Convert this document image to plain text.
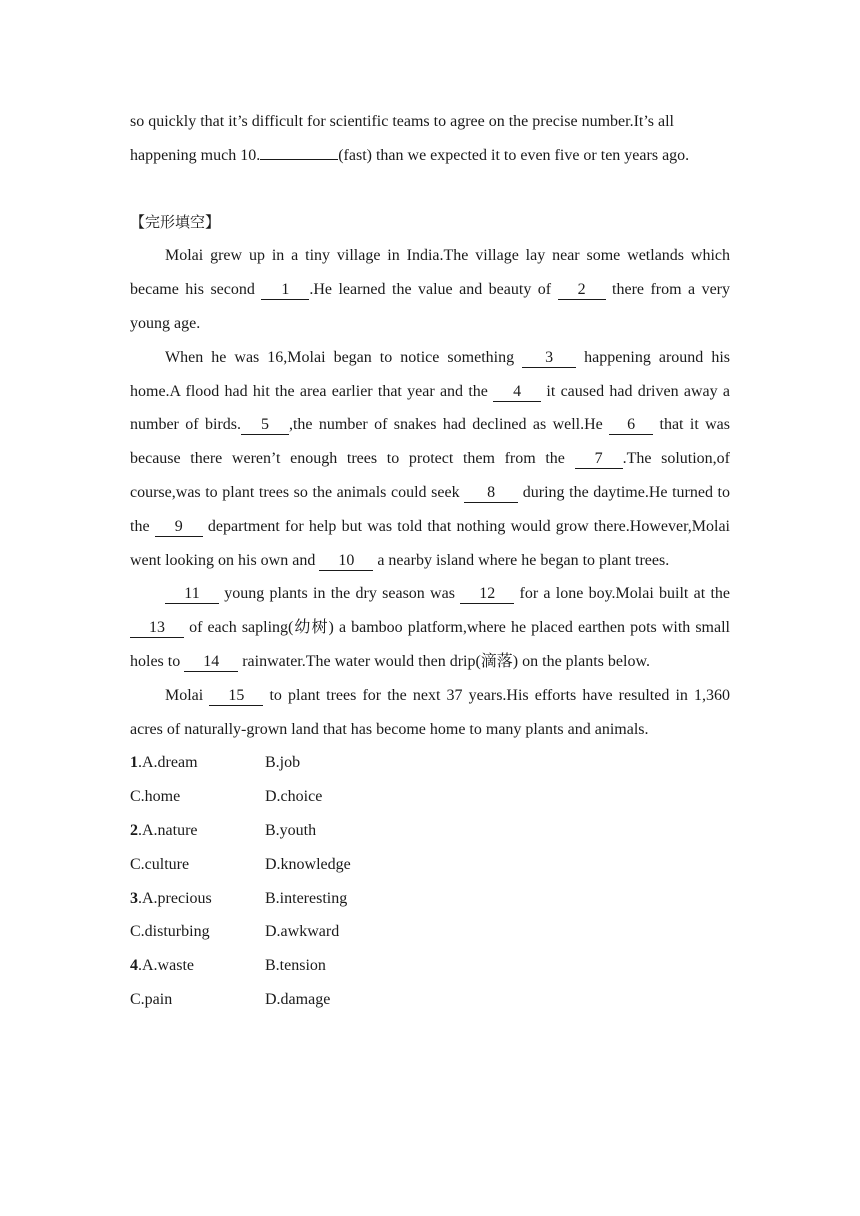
so quickly that it’s difficult for scientific teams to agree on the precise number.It’s all
happening much 10.	(fast) than we expected it to even five or ten years ago.

【完形填空】

Molai grew up in a tiny village in India.The village lay near some wetlands which became his second 1 .He learned the value and beauty of 2 there from a very young age.

When he was 16,Molai began to notice something 3 happening around his home.A flood had hit the area earlier that year and the 4 it caused had driven away a number of birds. 5 ,the number of snakes had declined as well.He 6 that it was because there weren’t enough trees to protect them from the 7 .The solution,of course,was to plant trees so the animals could seek 8 during the daytime.He turned to the 9 department for help but was told that nothing would grow there.However,Molai went looking on his own and 10 a nearby island where he began to plant trees.

11 young plants in the dry season was 12 for a lone boy.Molai built at the 13 of each sapling(幼树) a bamboo platform,where he placed earthen pots with small holes to 14 rainwater.The water would then drip(滴落) on the plants below.

Molai 15 to plant trees for the next 37 years.His efforts have resulted in 1,360 acres of naturally-grown land that has become home to many plants and animals.

1.A.dream	B.job
C.home	D.choice
2.A.nature	B.youth
C.culture	D.knowledge
3.A.precious	B.interesting
C.disturbing	D.awkward
4.A.waste	B.tension
C.pain	D.damage
